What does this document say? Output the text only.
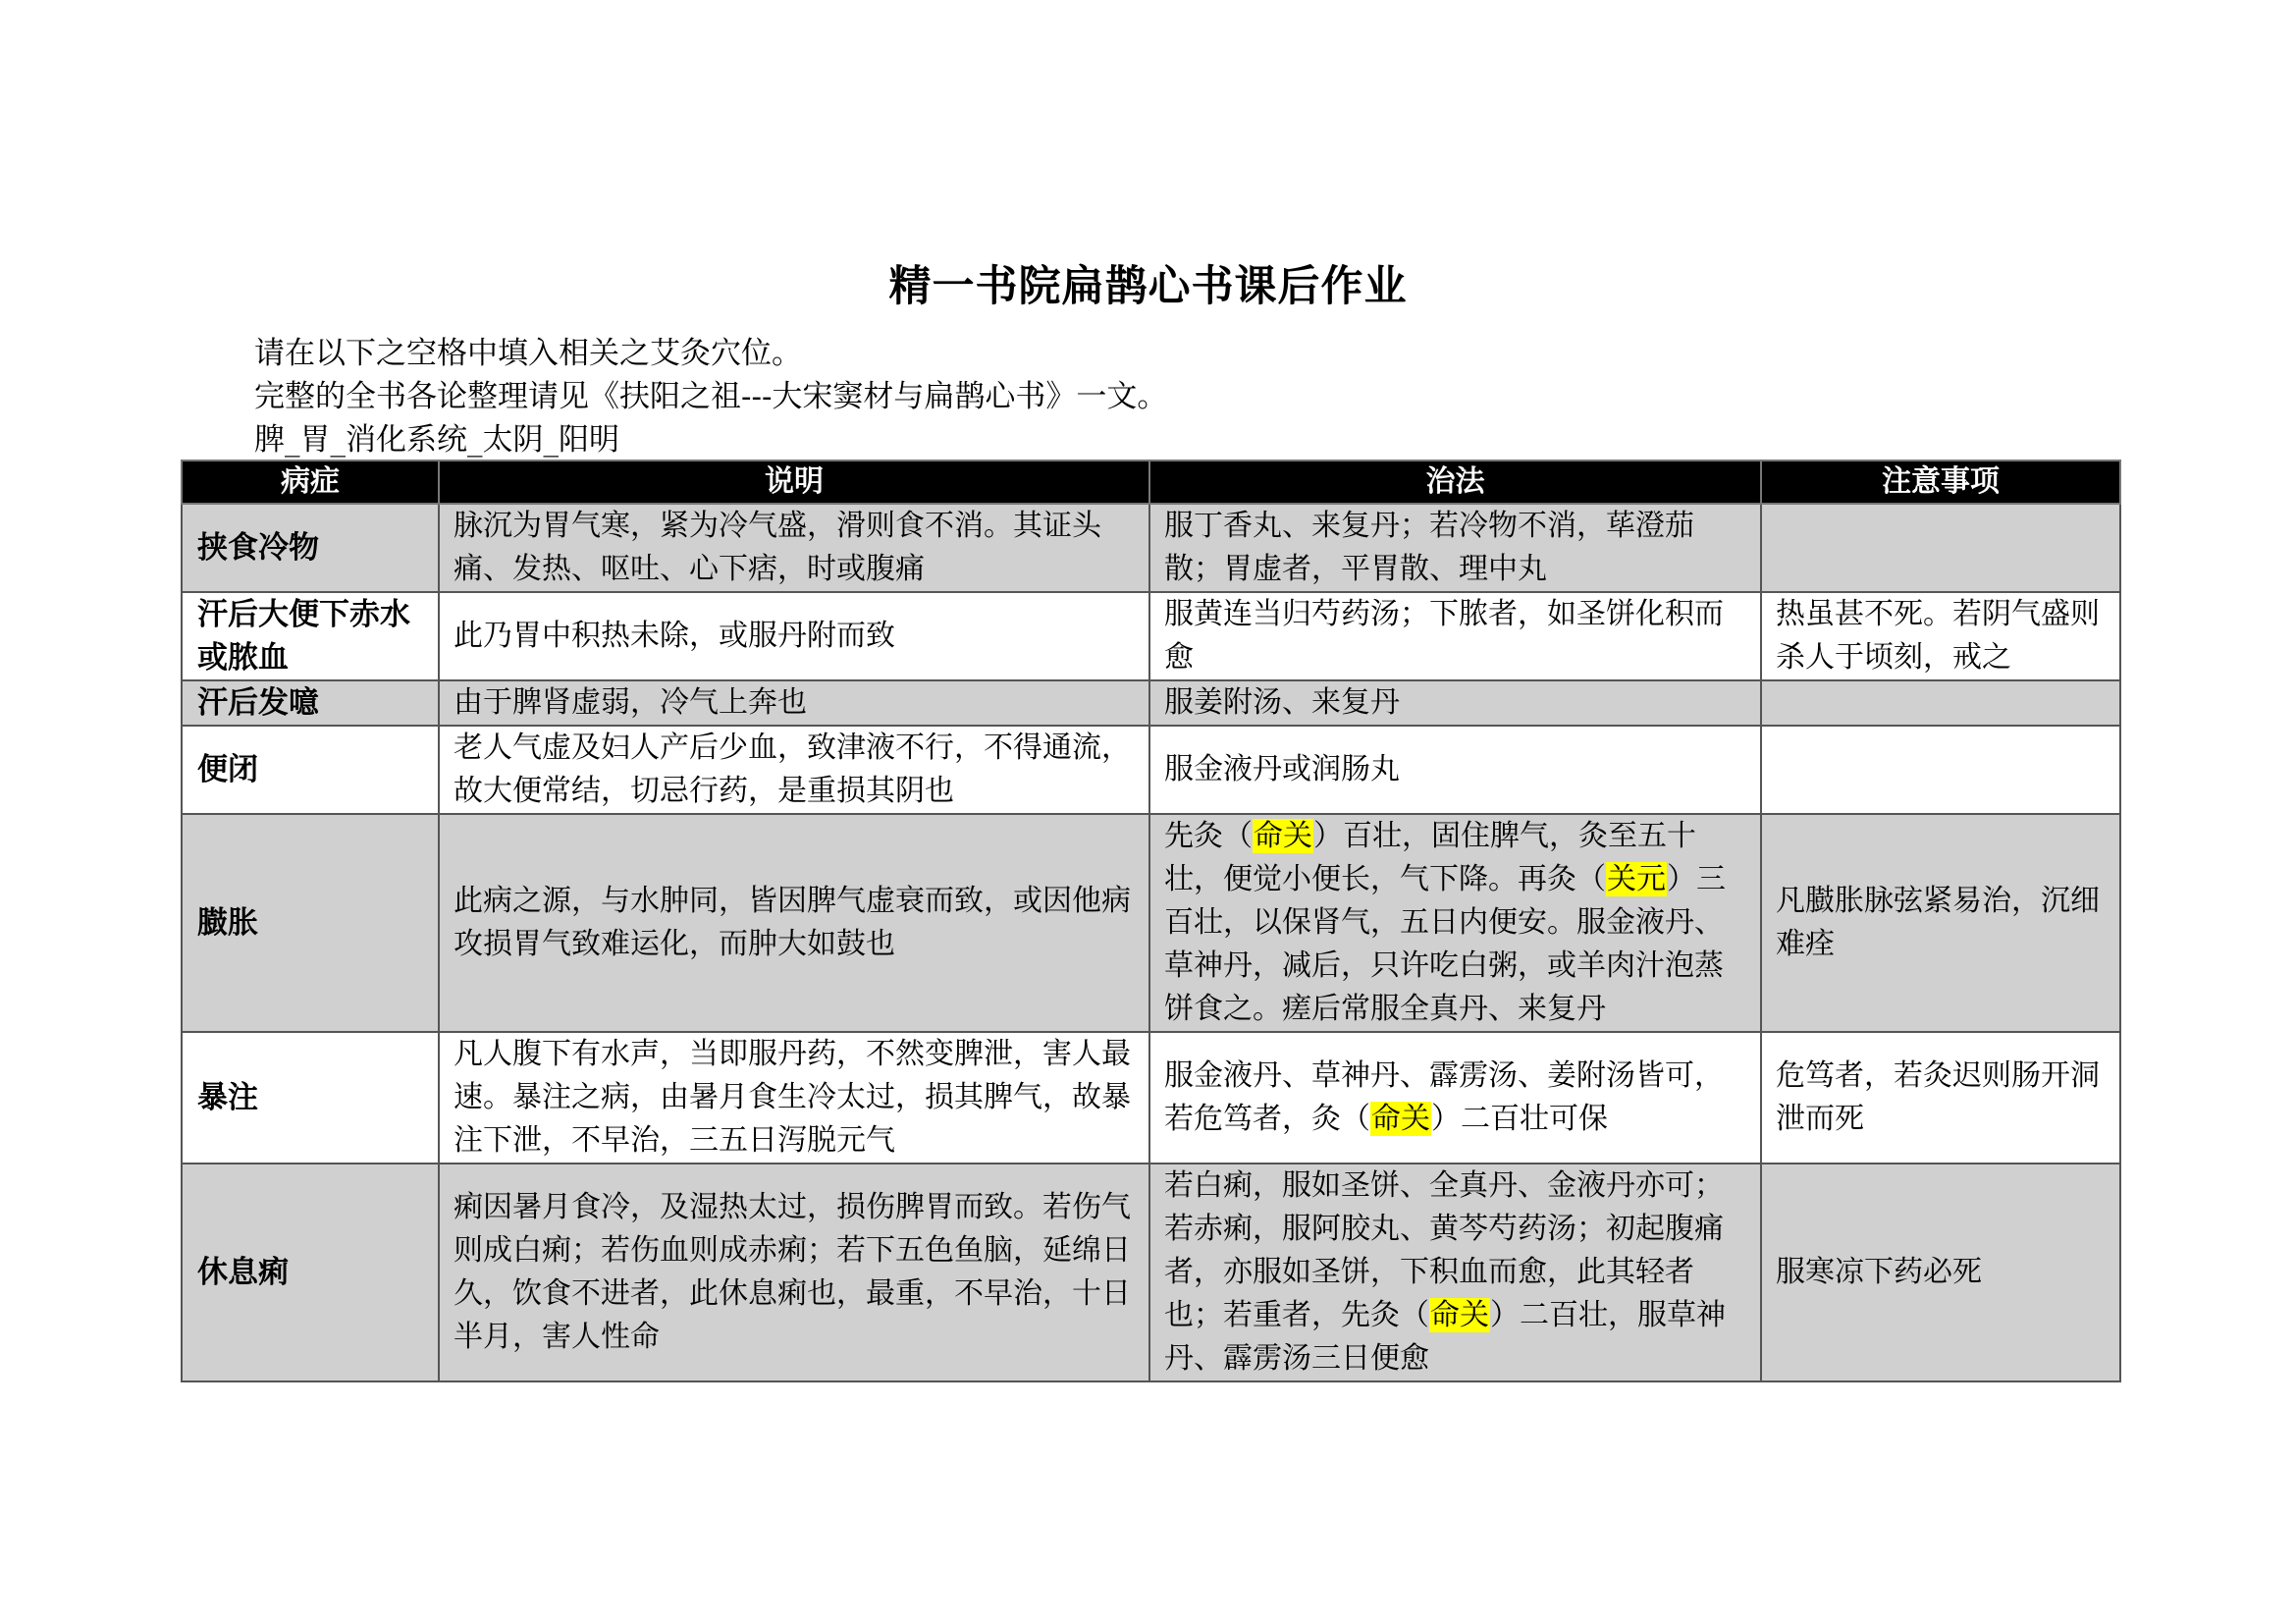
精一书院扁鹊心书课后作业
请在以下之空格中填入相关之艾灸穴位。
完整的全书各论整理请见《扶阳之祖---大宋窦材与扁鹊心书》一文。
脾_胃_消化系统_太阴_阳明
病症	说明	治法	注意事项
挟食冷物	脉沉为胃气寒，紧为冷气盛，滑则食不消。其证头痛、发热、呕吐、心下痞，时或腹痛	服丁香丸、来复丹；若冷物不消，荜澄茄散；胃虚者，平胃散、理中丸	
汗后大便下赤水或脓血	此乃胃中积热未除，或服丹附而致	服黄连当归芍药汤；下脓者，如圣饼化积而愈	热虽甚不死。若阴气盛则杀人于顷刻，戒之
汗后发噫	由于脾肾虚弱，冷气上奔也	服姜附汤、来复丹	
便闭	老人气虚及妇人产后少血，致津液不行，不得通流，故大便常结，切忌行药，是重损其阴也	服金液丹或润肠丸	
臌胀	此病之源，与水肿同，皆因脾气虚衰而致，或因他病攻损胃气致难运化，而肿大如鼓也	先灸（命关）百壮，固住脾气，灸至五十壮，便觉小便长，气下降。再灸（关元）三百壮，以保肾气，五日内便安。服金液丹、草神丹，减后，只许吃白粥，或羊肉汁泡蒸饼食之。瘥后常服全真丹、来复丹	凡臌胀脉弦紧易治，沉细难痊
暴注	凡人腹下有水声，当即服丹药，不然变脾泄，害人最速。暴注之病，由暑月食生冷太过，损其脾气，故暴注下泄，不早治，三五日泻脱元气	服金液丹、草神丹、霹雳汤、姜附汤皆可，若危笃者，灸（命关）二百壮可保	危笃者，若灸迟则肠开洞泄而死
休息痢	痢因暑月食冷，及湿热太过，损伤脾胃而致。若伤气则成白痢；若伤血则成赤痢；若下五色鱼脑，延绵日久，饮食不进者，此休息痢也，最重，不早治，十日半月，害人性命	若白痢，服如圣饼、全真丹、金液丹亦可；若赤痢，服阿胶丸、黄芩芍药汤；初起腹痛者，亦服如圣饼，下积血而愈，此其轻者也；若重者，先灸（命关）二百壮，服草神丹、霹雳汤三日便愈	服寒凉下药必死
